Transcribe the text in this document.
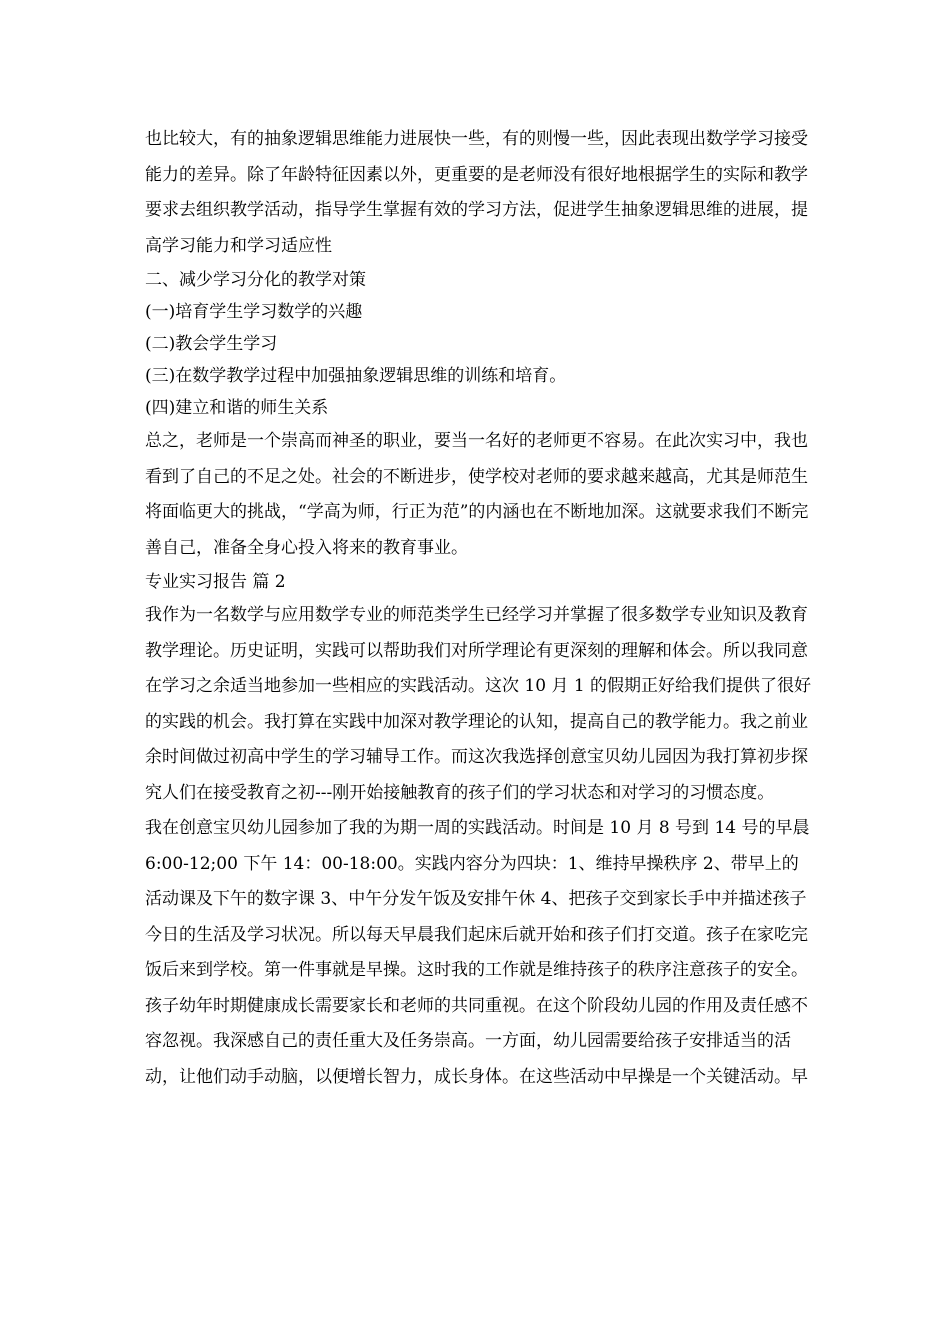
也比较大，有的抽象逻辑思维能力进展快一些，有的则慢一些，因此表现出数学学习接受能力的差异。除了年龄特征因素以外，更重要的是老师没有很好地根据学生的实际和教学要求去组织教学活动，指导学生掌握有效的学习方法，促进学生抽象逻辑思维的进展，提高学习能力和学习适应性

二、减少学习分化的教学对策

(一)培育学生学习数学的兴趣

(二)教会学生学习

(三)在数学教学过程中加强抽象逻辑思维的训练和培育。

(四)建立和谐的师生关系

总之，老师是一个崇高而神圣的职业，要当一名好的老师更不容易。在此次实习中，我也看到了自己的不足之处。社会的不断进步，使学校对老师的要求越来越高，尤其是师范生将面临更大的挑战，“学高为师，行正为范”的内涵也在不断地加深。这就要求我们不断完善自己，准备全身心投入将来的教育事业。

专业实习报告 篇 2

我作为一名数学与应用数学专业的师范类学生已经学习并掌握了很多数学专业知识及教育教学理论。历史证明，实践可以帮助我们对所学理论有更深刻的理解和体会。所以我同意在学习之余适当地参加一些相应的实践活动。这次 10 月 1 的假期正好给我们提供了很好的实践的机会。我打算在实践中加深对教学理论的认知，提高自己的教学能力。我之前业余时间做过初高中学生的学习辅导工作。而这次我选择创意宝贝幼儿园因为我打算初步探究人们在接受教育之初---刚开始接触教育的孩子们的学习状态和对学习的习惯态度。

我在创意宝贝幼儿园参加了我的为期一周的实践活动。时间是 10 月 8 号到 14 号的早晨 6:00-12;00 下午 14：00-18:00。实践内容分为四块：1、维持早操秩序 2、带早上的活动课及下午的数字课 3、中午分发午饭及安排午休 4、把孩子交到家长手中并描述孩子今日的生活及学习状况。所以每天早晨我们起床后就开始和孩子们打交道。孩子在家吃完饭后来到学校。第一件事就是早操。这时我的工作就是维持孩子的秩序注意孩子的安全。孩子幼年时期健康成长需要家长和老师的共同重视。在这个阶段幼儿园的作用及责任感不容忽视。我深感自己的责任重大及任务崇高。一方面，幼儿园需要给孩子安排适当的活动，让他们动手动脑，以便增长智力，成长身体。在这些活动中早操是一个关键活动。早
